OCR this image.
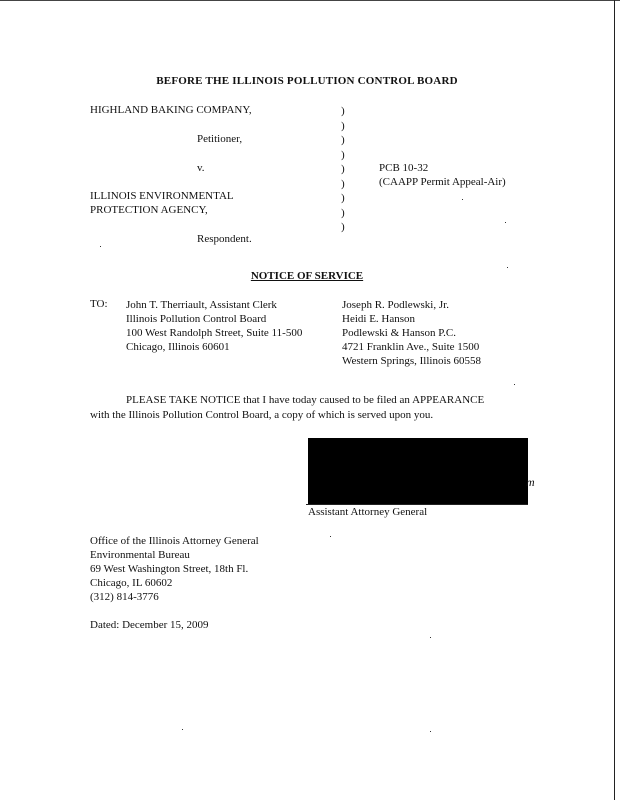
BEFORE THE ILLINOIS POLLUTION CONTROL BOARD
HIGHLAND BAKING COMPANY,
Petitioner,
v.
ILLINOIS ENVIRONMENTAL
PROTECTION AGENCY,
Respondent.
)
)
)
)
)
)
)
)
)
PCB 10-32
(CAAPP Permit Appeal-Air)
NOTICE OF SERVICE
TO: John T. Therriault, Assistant Clerk
Illinois Pollution Control Board
100 West Randolph Street, Suite 11-500
Chicago, Illinois 60601
Joseph R. Podlewski, Jr.
Heidi E. Hanson
Podlewski & Hanson P.C.
4721 Franklin Ave., Suite 1500
Western Springs, Illinois 60558
PLEASE TAKE NOTICE that I have today caused to be filed an APPEARANCE
with the Illinois Pollution Control Board, a copy of which is served upon you.
m
Assistant Attorney General
Office of the Illinois Attorney General
Environmental Bureau
69 West Washington Street, 18th Fl.
Chicago, IL 60602
(312) 814-3776
Dated: December 15, 2009
